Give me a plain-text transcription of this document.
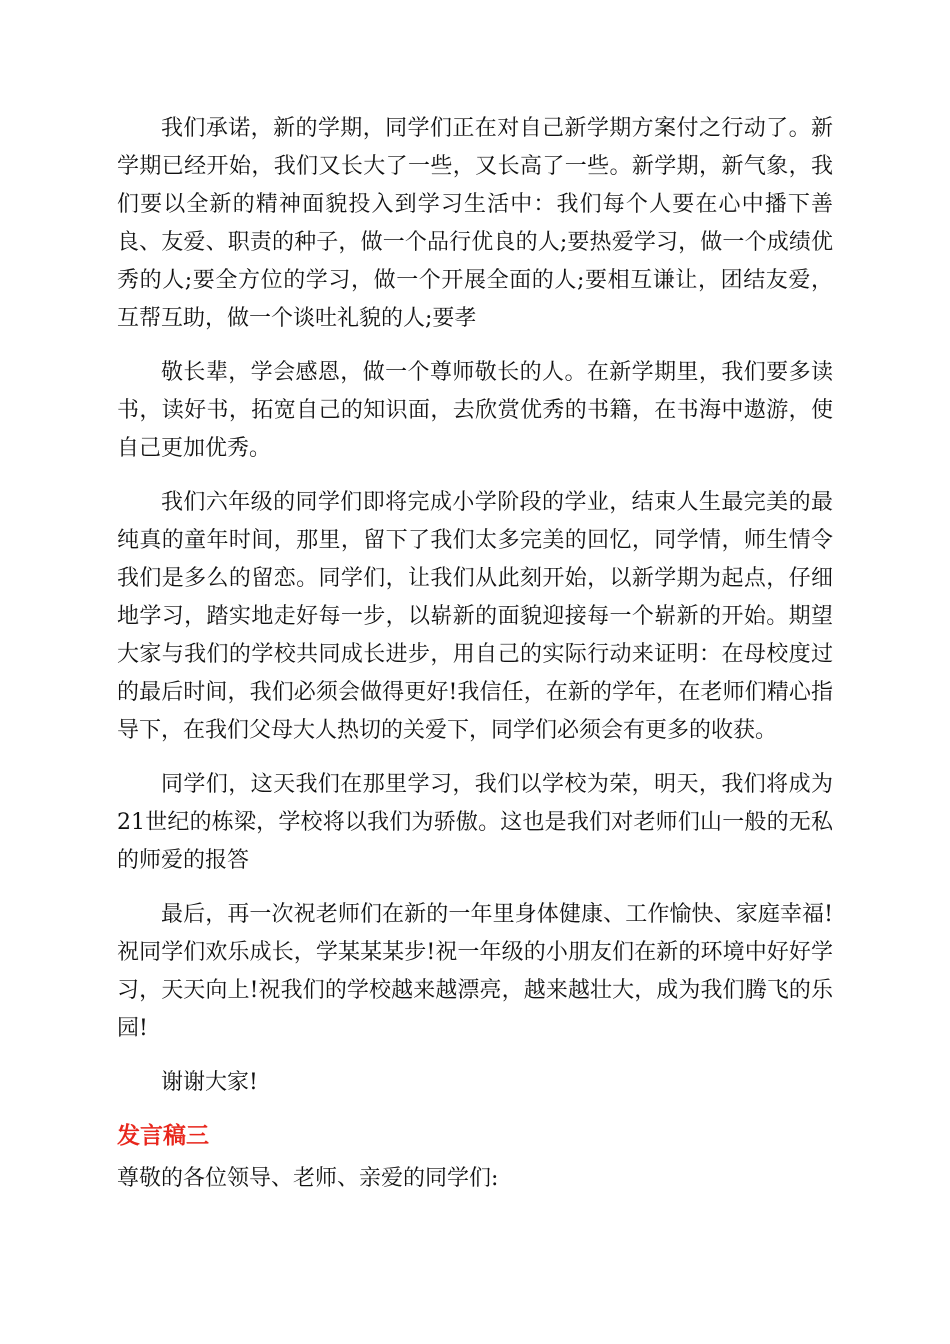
我们承诺，新的学期，同学们正在对自己新学期方案付之行动了。新学期已经开始，我们又长大了一些，又长高了一些。新学期，新气象，我们要以全新的精神面貌投入到学习生活中：我们每个人要在心中播下善良、友爱、职责的种子，做一个品行优良的人;要热爱学习，做一个成绩优秀的人;要全方位的学习，做一个开展全面的人;要相互谦让，团结友爱，互帮互助，做一个谈吐礼貌的人;要孝

敬长辈，学会感恩，做一个尊师敬长的人。在新学期里，我们要多读书，读好书，拓宽自己的知识面，去欣赏优秀的书籍，在书海中遨游，使自己更加优秀。

我们六年级的同学们即将完成小学阶段的学业，结束人生最完美的最纯真的童年时间，那里，留下了我们太多完美的回忆，同学情，师生情令我们是多么的留恋。同学们，让我们从此刻开始，以新学期为起点，仔细地学习，踏实地走好每一步，以崭新的面貌迎接每一个崭新的开始。期望大家与我们的学校共同成长进步，用自己的实际行动来证明：在母校度过的最后时间，我们必须会做得更好!我信任，在新的学年，在老师们精心指导下，在我们父母大人热切的关爱下，同学们必须会有更多的收获。

同学们，这天我们在那里学习，我们以学校为荣，明天，我们将成为21世纪的栋梁，学校将以我们为骄傲。这也是我们对老师们山一般的无私的师爱的报答

最后，再一次祝老师们在新的一年里身体健康、工作愉快、家庭幸福!祝同学们欢乐成长，学某某某步!祝一年级的小朋友们在新的环境中好好学习，天天向上!祝我们的学校越来越漂亮，越来越壮大，成为我们腾飞的乐园!

谢谢大家!

发言稿三

尊敬的各位领导、老师、亲爱的同学们:
